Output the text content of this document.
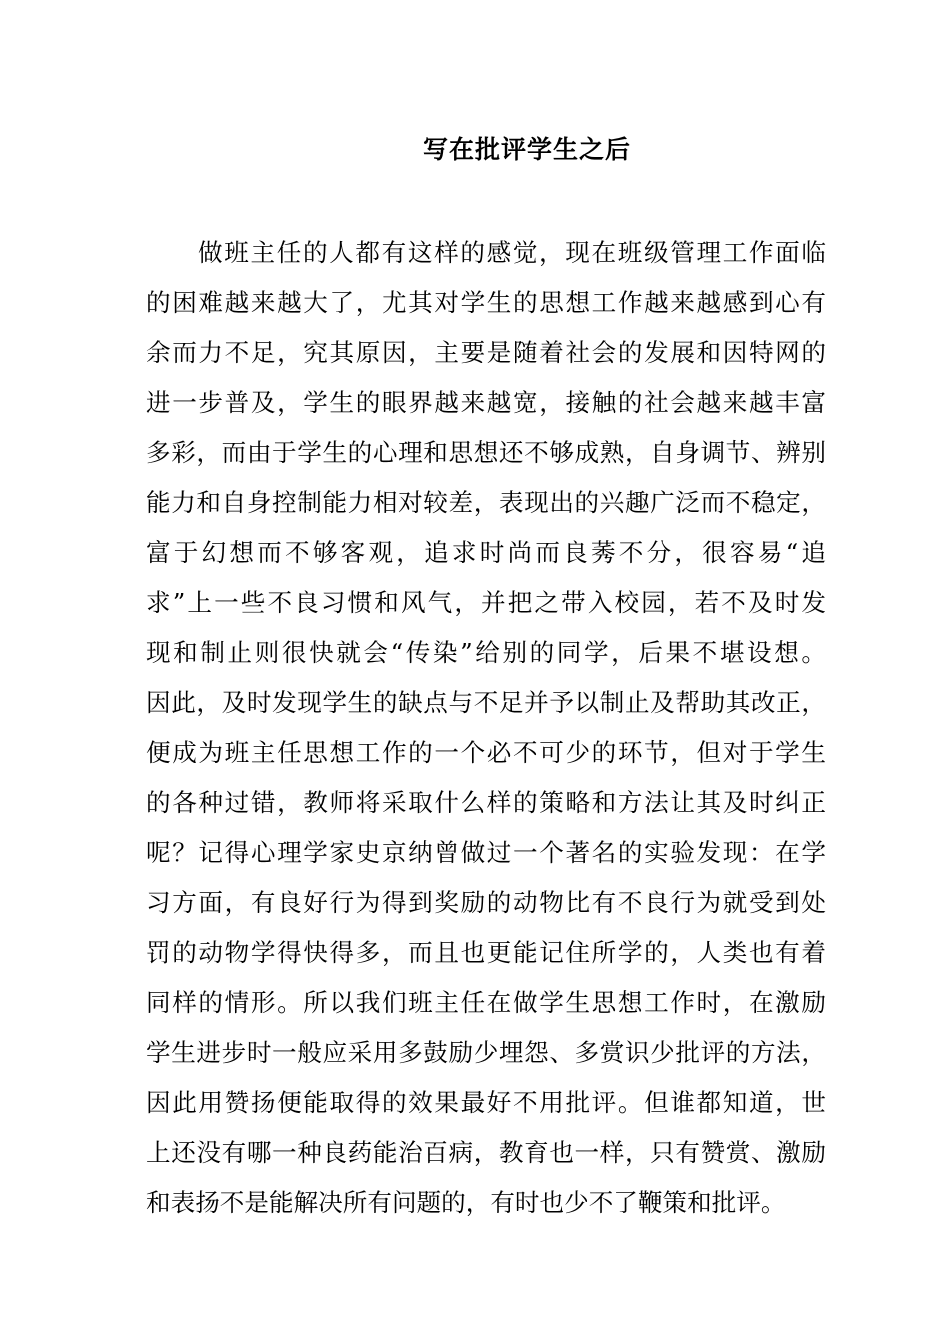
写在批评学生之后
做班主任的人都有这样的感觉，现在班级管理工作面临
的困难越来越大了，尤其对学生的思想工作越来越感到心有
余而力不足，究其原因，主要是随着社会的发展和因特网的
进一步普及，学生的眼界越来越宽，接触的社会越来越丰富
多彩，而由于学生的心理和思想还不够成熟，自身调节、辨别
能力和自身控制能力相对较差，表现出的兴趣广泛而不稳定，
富于幻想而不够客观，追求时尚而良莠不分，很容易“追
求”上一些不良习惯和风气，并把之带入校园，若不及时发
现和制止则很快就会“传染”给别的同学，后果不堪设想。
因此，及时发现学生的缺点与不足并予以制止及帮助其改正，
便成为班主任思想工作的一个必不可少的环节，但对于学生
的各种过错，教师将采取什么样的策略和方法让其及时纠正
呢？记得心理学家史京纳曾做过一个著名的实验发现：在学
习方面，有良好行为得到奖励的动物比有不良行为就受到处
罚的动物学得快得多，而且也更能记住所学的，人类也有着
同样的情形。所以我们班主任在做学生思想工作时，在激励
学生进步时一般应采用多鼓励少埋怨、多赏识少批评的方法，
因此用赞扬便能取得的效果最好不用批评。但谁都知道，世
上还没有哪一种良药能治百病，教育也一样，只有赞赏、激励
和表扬不是能解决所有问题的，有时也少不了鞭策和批评。
